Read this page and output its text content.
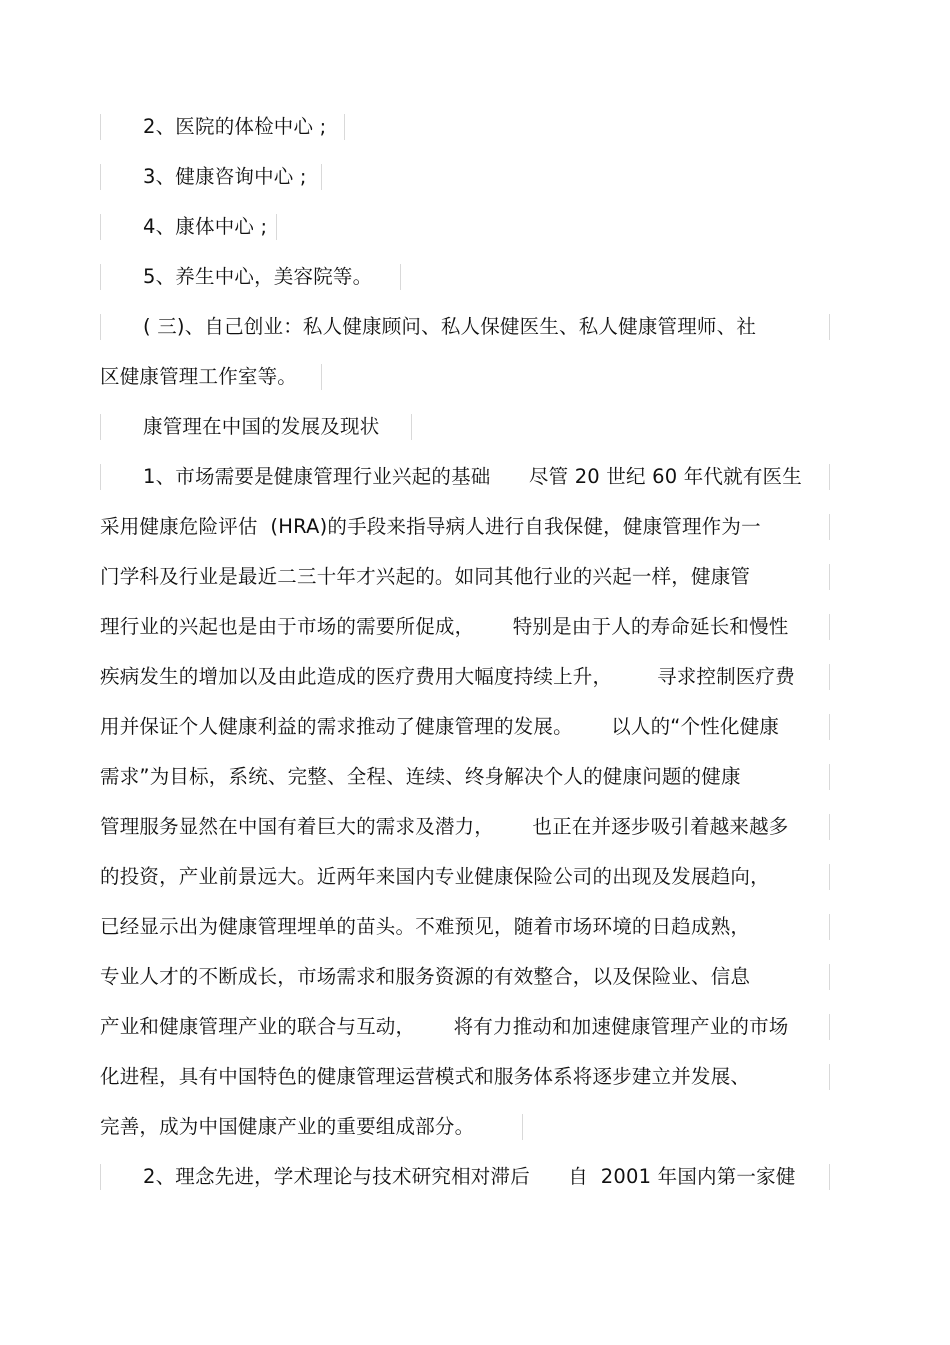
2、医院的体检中心 ;
3、健康咨询中心 ;
4、康体中心 ;
5、养生中心，美容院等。
( 三)、自己创业：私人健康顾问、私人保健医生、私人健康管理师、社
区健康管理工作室等。
康管理在中国的发展及现状
1、市场需要是健康管理行业兴起的基础      尽管 20 世纪 60 年代就有医生
采用健康危险评估  (HRA)的手段来指导病人进行自我保健，健康管理作为一
门学科及行业是最近二三十年才兴起的。如同其他行业的兴起一样，健康管
理行业的兴起也是由于市场的需要所促成，      特别是由于人的寿命延长和慢性
疾病发生的增加以及由此造成的医疗费用大幅度持续上升，       寻求控制医疗费
用并保证个人健康利益的需求推动了健康管理的发展。      以人的“个性化健康
需求”为目标，系统、完整、全程、连续、终身解决个人的健康问题的健康
管理服务显然在中国有着巨大的需求及潜力，      也正在并逐步吸引着越来越多
的投资，产业前景远大。近两年来国内专业健康保险公司的出现及发展趋向，
已经显示出为健康管理埋单的苗头。不难预见，随着市场环境的日趋成熟，
专业人才的不断成长，市场需求和服务资源的有效整合，以及保险业、信息
产业和健康管理产业的联合与互动，      将有力推动和加速健康管理产业的市场
化进程，具有中国特色的健康管理运营模式和服务体系将逐步建立并发展、
完善，成为中国健康产业的重要组成部分。
2、理念先进，学术理论与技术研究相对滞后      自  2001 年国内第一家健
